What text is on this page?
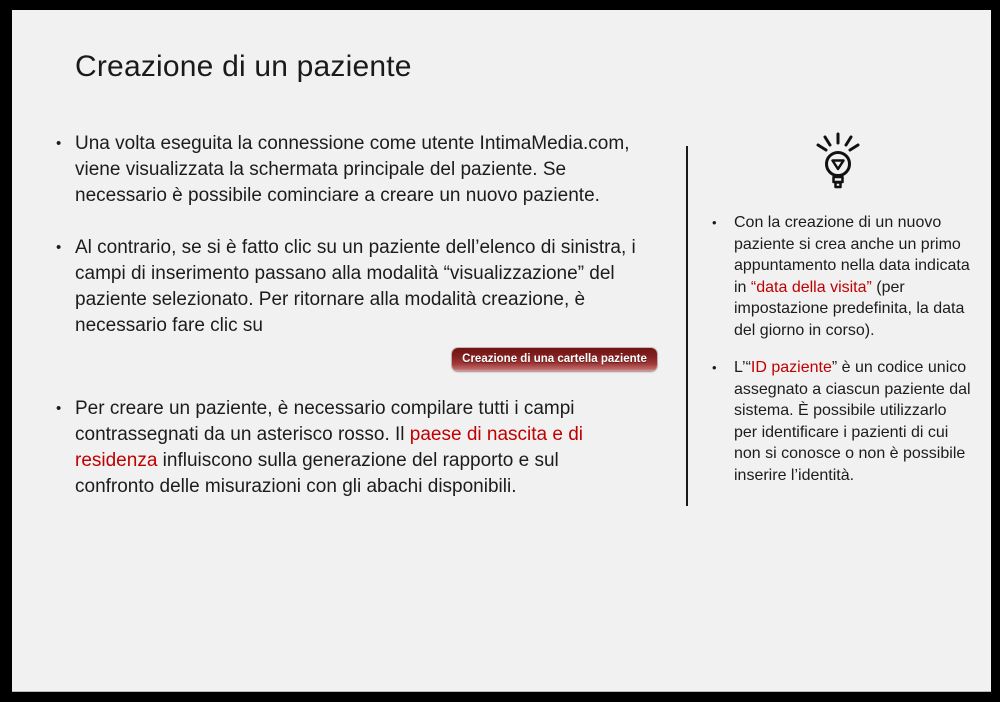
Creazione di un paziente
• Una volta eseguita la connessione come utente IntimaMedia.com, viene visualizzata la schermata principale del paziente. Se necessario è possibile cominciare a creare un nuovo paziente.
• Al contrario, se si è fatto clic su un paziente dell’elenco di sinistra, i campi di inserimento passano alla modalità “visualizzazione” del paziente selezionato. Per ritornare alla modalità creazione, è necessario fare clic su
Creazione di una cartella paziente
• Per creare un paziente, è necessario compilare tutti i campi contrassegnati da un asterisco rosso. Il paese di nascita e di residenza influiscono sulla generazione del rapporto e sul confronto delle misurazioni con gli abachi disponibili.
• Con la creazione di un nuovo paziente si crea anche un primo appuntamento nella data indicata in “data della visita” (per impostazione predefinita, la data del giorno in corso).
• L’“ID paziente” è un codice unico assegnato a ciascun paziente dal sistema. È possibile utilizzarlo per identificare i pazienti di cui non si conosce o non è possibile inserire l’identità.
